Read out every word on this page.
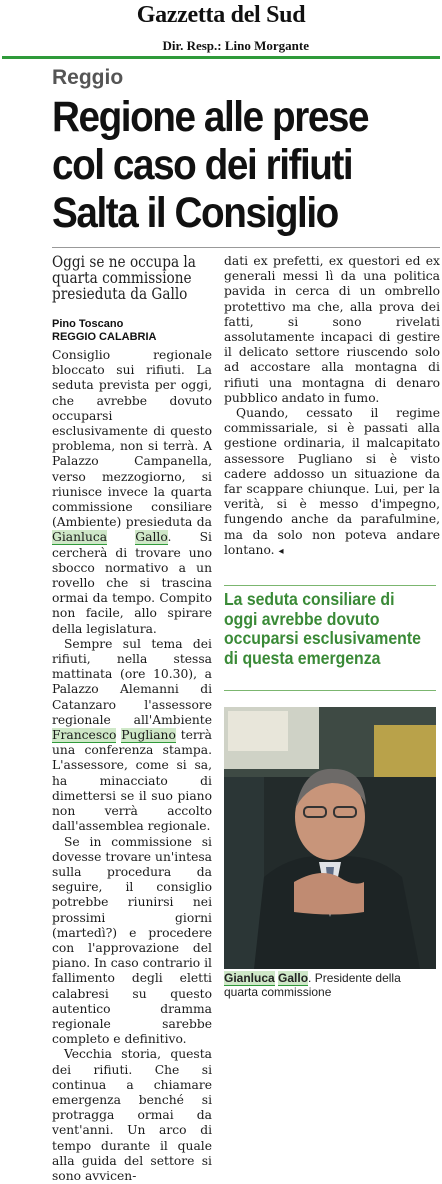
Gazzetta del Sud
Dir. Resp.: Lino Morgante
Reggio
Regione alle prese
col caso dei rifiuti
Salta il Consiglio
Oggi se ne occupa la quarta commissione presieduta da Gallo
Pino Toscano
REGGIO CALABRIA

Consiglio regionale bloccato sui rifiuti. La seduta prevista per oggi, che avrebbe dovuto occuparsi esclusivamente di questo problema, non si terrà. A Palazzo Campanella, verso mezzogiorno, si riunisce invece la quarta commissione consiliare (Ambiente) presieduta da Gianluca Gallo. Si cercherà di trovare uno sbocco normativo a un rovello che si trascina ormai da tempo. Compito non facile, allo spirare della legislatura.

Sempre sul tema dei rifiuti, nella stessa mattinata (ore 10.30), a Palazzo Alemanni di Catanzaro l'assessore regionale all'Ambiente Francesco Pugliano terrà una conferenza stampa. L'assessore, come si sa, ha minacciato di dimettersi se il suo piano non verrà accolto dall'assemblea regionale.

Se in commissione si dovesse trovare un'intesa sulla procedura da seguire, il consiglio potrebbe riunirsi nei prossimi giorni (martedì?) e procedere con l'approvazione del piano. In caso contrario il fallimento degli eletti calabresi su questo autentico dramma regionale sarebbe completo e definitivo.

Vecchia storia, questa dei rifiuti. Che si continua a chiamare emergenza benché si protragga ormai da vent'anni. Un arco di tempo durante il quale alla guida del settore si sono avvicen-

dati ex prefetti, ex questori ed ex generali messi lì da una politica pavida in cerca di un ombrello protettivo ma che, alla prova dei fatti, si sono rivelati assolutamente incapaci di gestire il delicato settore riuscendo solo ad accostare alla montagna di rifiuti una montagna di denaro pubblico andato in fumo.

Quando, cessato il regime commissariale, si è passati alla gestione ordinaria, il malcapitato assessore Pugliano si è visto cadere addosso un situazione da far scappare chiunque. Lui, per la verità, si è messo d'impegno, fungendo anche da parafulmine, ma da solo non poteva andare lontano. ◂

La seduta consiliare di oggi avrebbe dovuto occuparsi esclusivamente di questa emergenza
Gianluca Gallo. Presidente della quarta commissione
